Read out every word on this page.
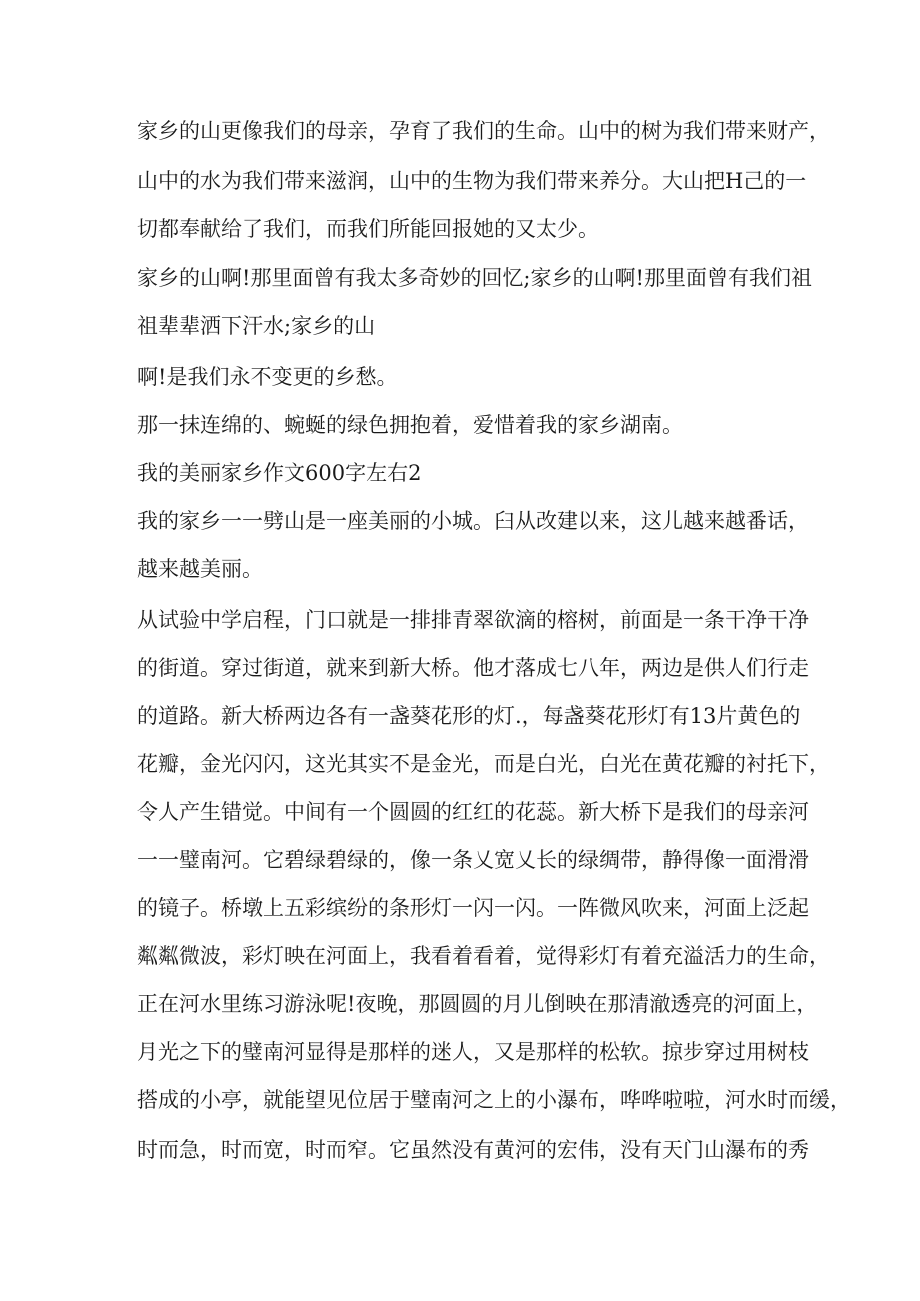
家乡的山更像我们的母亲，孕育了我们的生命。山中的树为我们带来财产，

山中的水为我们带来滋润，山中的生物为我们带来养分。大山把H己的一

切都奉献给了我们，而我们所能回报她的又太少。

家乡的山啊!那里面曾有我太多奇妙的回忆;家乡的山啊!那里面曾有我们祖

祖辈辈洒下汗水;家乡的山

啊!是我们永不变更的乡愁。

那一抹连绵的、蜿蜒的绿色拥抱着，爱惜着我的家乡湖南。

我的美丽家乡作文600字左右2

我的家乡一一劈山是一座美丽的小城。臼从改建以来，这儿越来越番话，

越来越美丽。

从试验中学启程，门口就是一排排青翠欲滴的榕树，前面是一条干净干净

的街道。穿过街道，就来到新大桥。他才落成七八年，两边是供人们行走

的道路。新大桥两边各有一盏葵花形的灯.，每盏葵花形灯有13片黄色的

花瓣，金光闪闪，这光其实不是金光，而是白光，白光在黄花瓣的衬托下，

令人产生错觉。中间有一个圆圆的红红的花蕊。新大桥下是我们的母亲河

一一璧南河。它碧绿碧绿的，像一条乂宽乂长的绿绸带，静得像一面滑滑

的镜子。桥墩上五彩缤纷的条形灯一闪一闪。一阵微风吹来，河面上泛起

粼粼微波，彩灯映在河面上，我看着看着，觉得彩灯有着充溢活力的生命，

正在河水里练习游泳呢!夜晚，那圆圆的月儿倒映在那清澈透亮的河面上，

月光之下的璧南河显得是那样的迷人，又是那样的松软。掠步穿过用树枝

搭成的小亭，就能望见位居于璧南河之上的小瀑布，哗哗啦啦，河水时而缓，

时而急，时而宽，时而窄。它虽然没有黄河的宏伟，没有天门山瀑布的秀
